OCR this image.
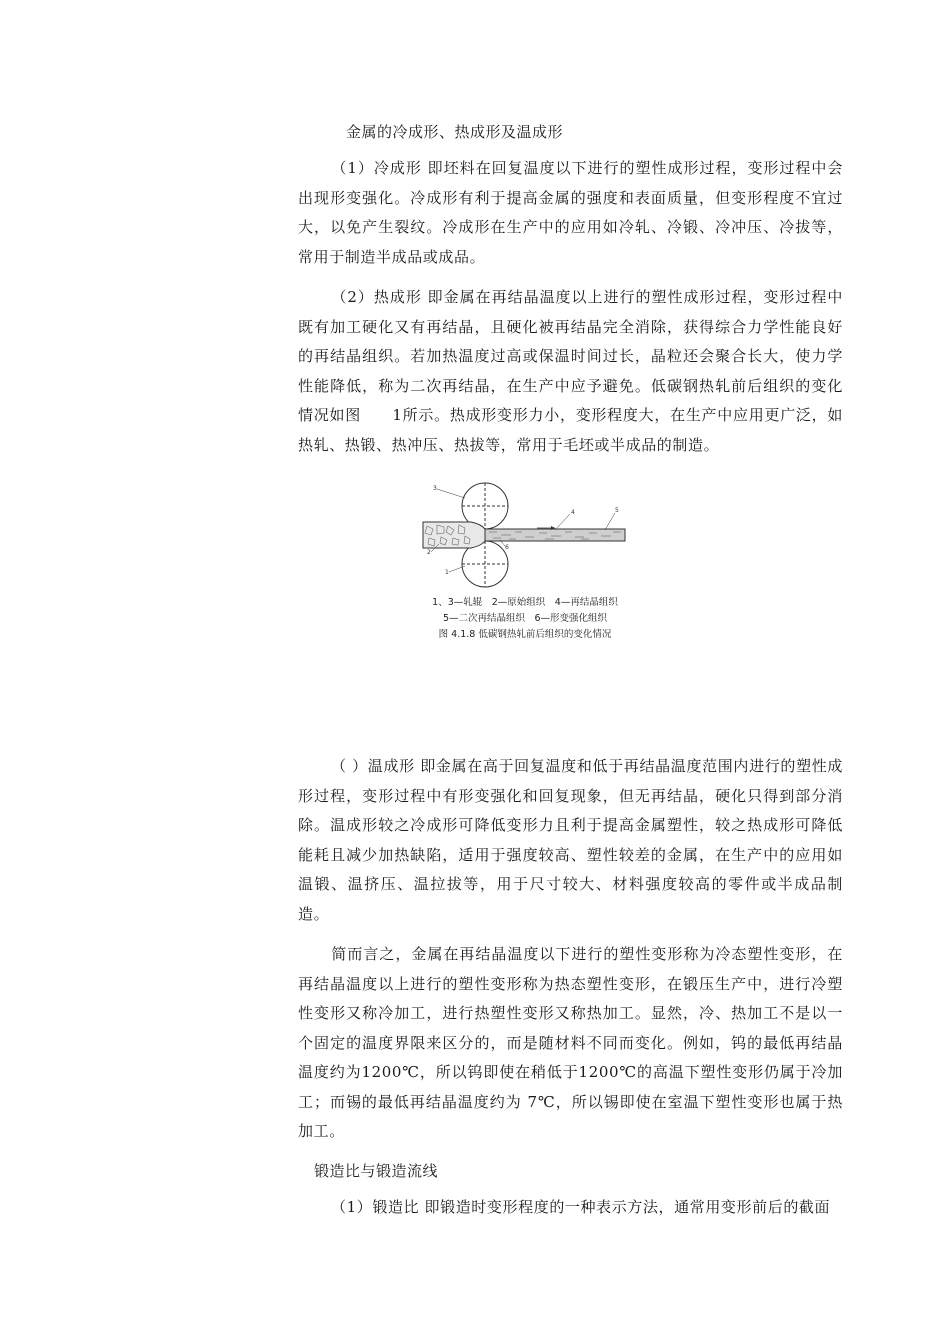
金属的冷成形、热成形及温成形
（1）冷成形 即坯料在回复温度以下进行的塑性成形过程，变形过程中会出现形变强化。冷成形有利于提高金属的强度和表面质量，但变形程度不宜过大，以免产生裂纹。冷成形在生产中的应用如冷轧、冷锻、冷冲压、冷拔等，常用于制造半成品或成品。
（2）热成形 即金属在再结晶温度以上进行的塑性成形过程，变形过程中既有加工硬化又有再结晶，且硬化被再结晶完全消除，获得综合力学性能良好的再结晶组织。若加热温度过高或保温时间过长，晶粒还会聚合长大，使力学性能降低，称为二次再结晶，在生产中应予避免。低碳钢热轧前后组织的变化情况如图　　1所示。热成形变形力小，变形程度大，在生产中应用更广泛，如热轧、热锻、热冲压、热拔等，常用于毛坯或半成品的制造。
3
4	5
2
6
1
1、3—轧辊　2—原始组织　4—再结晶组织
5—二次再结晶组织　6—形变强化组织
图 4.1.8 低碳钢热轧前后组织的变化情况
（ ）温成形 即金属在高于回复温度和低于再结晶温度范围内进行的塑性成形过程，变形过程中有形变强化和回复现象，但无再结晶，硬化只得到部分消除。温成形较之冷成形可降低变形力且利于提高金属塑性，较之热成形可降低能耗且减少加热缺陷，适用于强度较高、塑性较差的金属，在生产中的应用如温锻、温挤压、温拉拔等，用于尺寸较大、材料强度较高的零件或半成品制造。
简而言之，金属在再结晶温度以下进行的塑性变形称为冷态塑性变形，在再结晶温度以上进行的塑性变形称为热态塑性变形，在锻压生产中，进行冷塑性变形又称冷加工，进行热塑性变形又称热加工。显然，冷、热加工不是以一个固定的温度界限来区分的，而是随材料不同而变化。例如，钨的最低再结晶温度约为1200℃，所以钨即使在稍低于1200℃的高温下塑性变形仍属于冷加工；而锡的最低再结晶温度约为 7℃，所以锡即使在室温下塑性变形也属于热加工。
锻造比与锻造流线
（1）锻造比 即锻造时变形程度的一种表示方法，通常用变形前后的截面
